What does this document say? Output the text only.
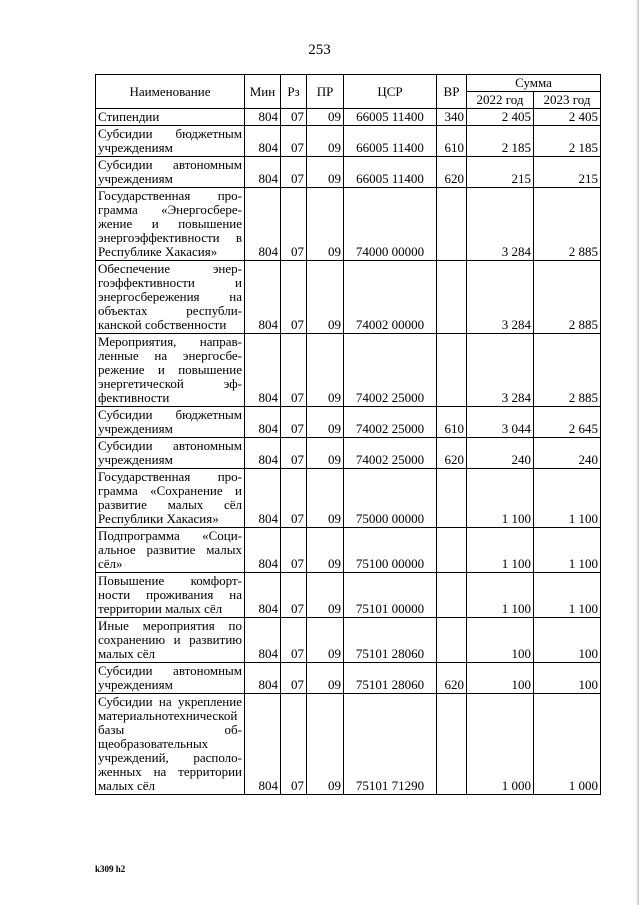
253
Наименование	Мин	Рз	ПР	ЦСР	ВР	Сумма	
						2022 год	2023 год
Стипендии	804	07	09	66005 11400	340	2 405	2 405
Субсидии бюджетным учреждениям	804	07	09	66005 11400	610	2 185	2 185
Субсидии автономным учреждениям	804	07	09	66005 11400	620	215	215
Государственная программа «Энергосбережение и повышение энергоэффективности в Республике Хакасия»	804	07	09	74000 00000		3 284	2 885
Обеспечение энергоэффективности и энергосбережения на объектах республиканской собственности	804	07	09	74002 00000		3 284	2 885
Мероприятия, направленные на энергосбережение и повышение энергетической эффективности	804	07	09	74002 25000		3 284	2 885
Субсидии бюджетным учреждениям	804	07	09	74002 25000	610	3 044	2 645
Субсидии автономным учреждениям	804	07	09	74002 25000	620	240	240
Государственная программа «Сохранение и развитие малых сёл Республики Хакасия»	804	07	09	75000 00000		1 100	1 100
Подпрограмма «Социальное развитие малых сёл»	804	07	09	75100 00000		1 100	1 100
Повышение комфортности проживания на территории малых сёл	804	07	09	75101 00000		1 100	1 100
Иные мероприятия по сохранению и развитию малых сёл	804	07	09	75101 28060		100	100
Субсидии автономным учреждениям	804	07	09	75101 28060	620	100	100
Субсидии на укрепление материальнотехнической базы общеобразовательных учреждений, расположенных на территории малых сёл	804	07	09	75101 71290		1 000	1 000
k309 h2
